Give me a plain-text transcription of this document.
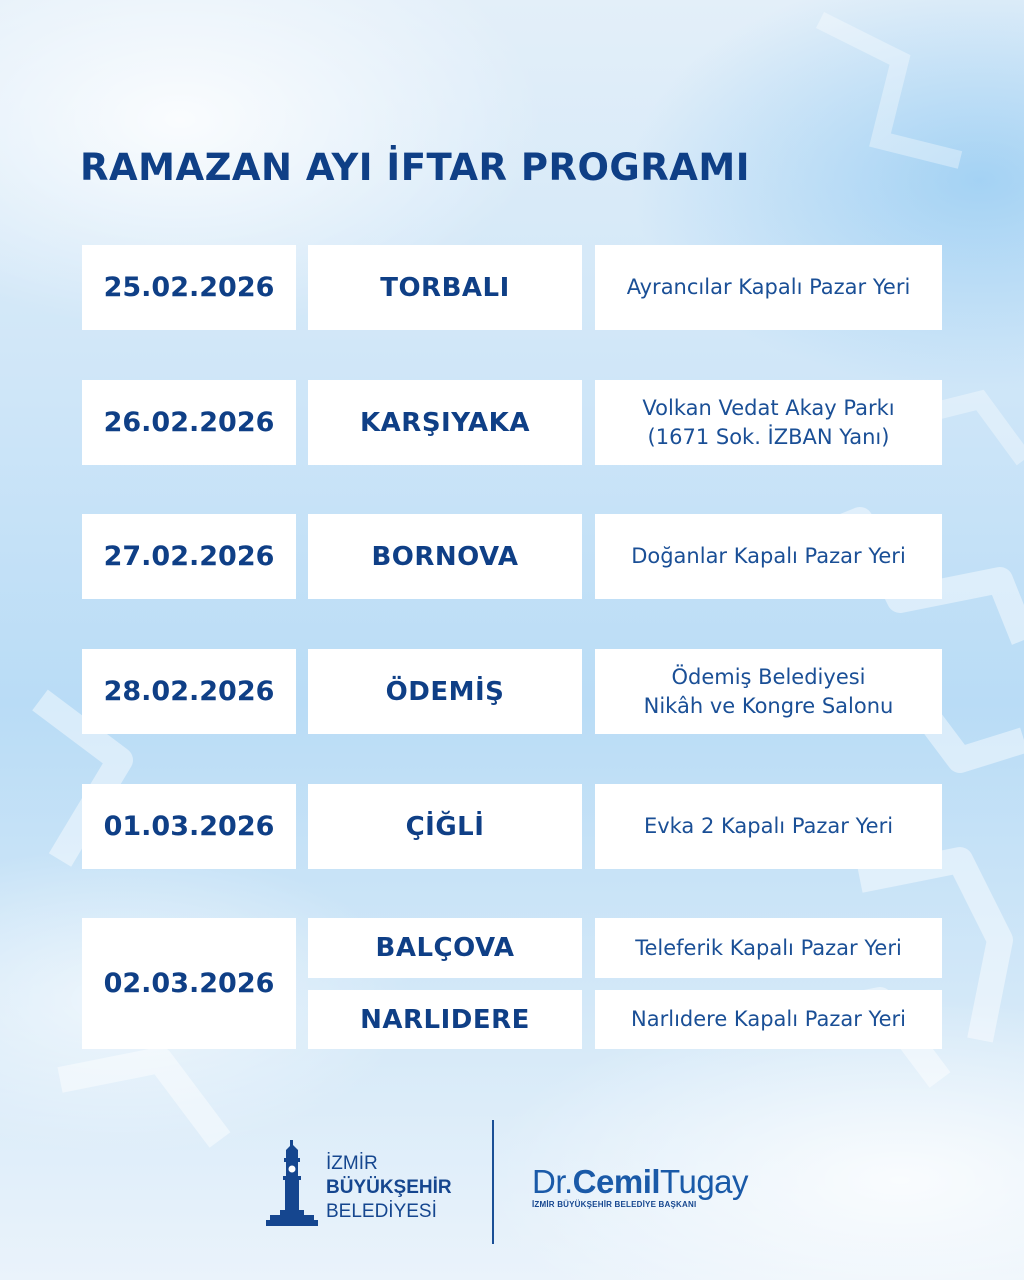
RAMAZAN AYI İFTAR PROGRAMI
25.02.2026	TORBALI	Ayrancılar Kapalı Pazar Yeri
26.02.2026	KARŞIYAKA	Volkan Vedat Akay Parkı
(1671 Sok. İZBAN Yanı)
27.02.2026	BORNOVA	Doğanlar Kapalı Pazar Yeri
28.02.2026	ÖDEMİŞ	Ödemiş Belediyesi
Nikâh ve Kongre Salonu
01.03.2026	ÇİĞLİ	Evka 2 Kapalı Pazar Yeri
02.03.2026
BALÇOVA	Teleferik Kapalı Pazar Yeri
NARLIDERE	Narlıdere Kapalı Pazar Yeri
İZMİR
BÜYÜKŞEHİR
BELEDİYESİ
Dr.CemilTugay
İZMİR BÜYÜKŞEHİR BELEDİYE BAŞKANI
